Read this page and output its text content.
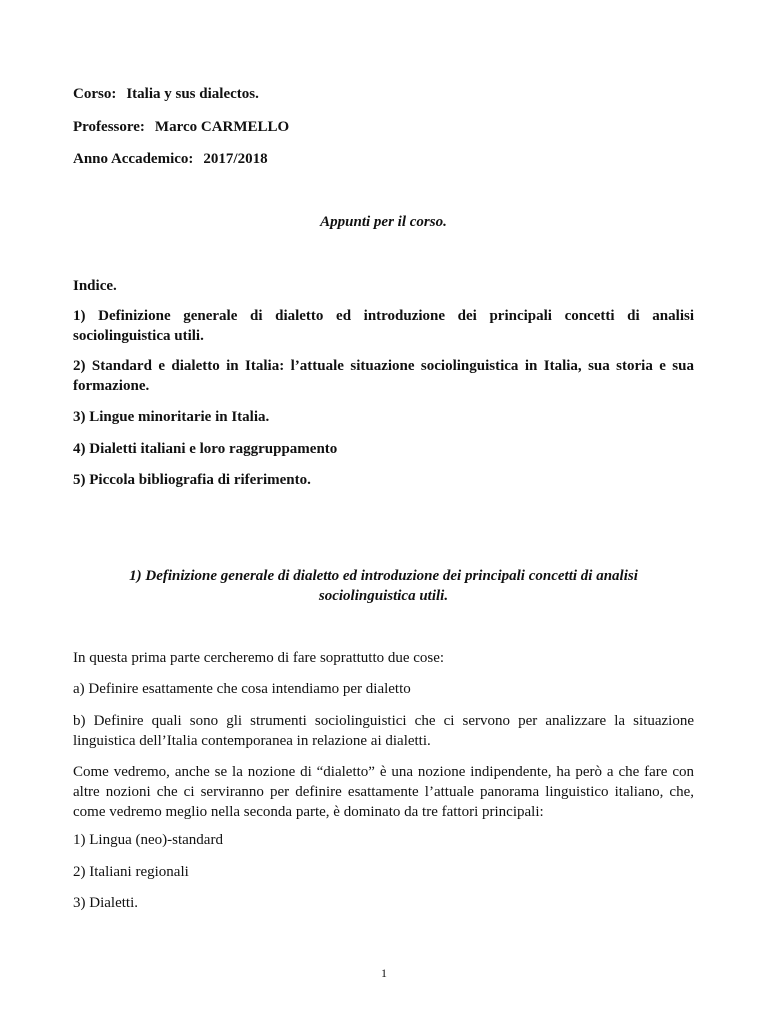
Corso: Italia y sus dialectos.
Professore: Marco CARMELLO
Anno Accademico: 2017/2018
Appunti per il corso.
Indice.
1) Definizione generale di dialetto ed introduzione dei principali concetti di analisi sociolinguistica utili.
2) Standard e dialetto in Italia: l’attuale situazione sociolinguistica in Italia, sua storia e sua formazione.
3) Lingue minoritarie in Italia.
4) Dialetti italiani e loro raggruppamento
5) Piccola bibliografia di riferimento.
1) Definizione generale di dialetto ed introduzione dei principali concetti di analisi
sociolinguistica utili.
In questa prima parte cercheremo di fare soprattutto due cose:
a) Definire esattamente che cosa intendiamo per dialetto
b) Definire quali sono gli strumenti sociolinguistici che ci servono per analizzare la situazione linguistica dell’Italia contemporanea in relazione ai dialetti.
Come vedremo, anche se la nozione di “dialetto” è una nozione indipendente, ha però a che fare con altre nozioni che ci serviranno per definire esattamente l’attuale panorama linguistico italiano, che, come vedremo meglio nella seconda parte, è dominato da tre fattori principali:
1) Lingua (neo)-standard
2) Italiani regionali
3) Dialetti.
1
